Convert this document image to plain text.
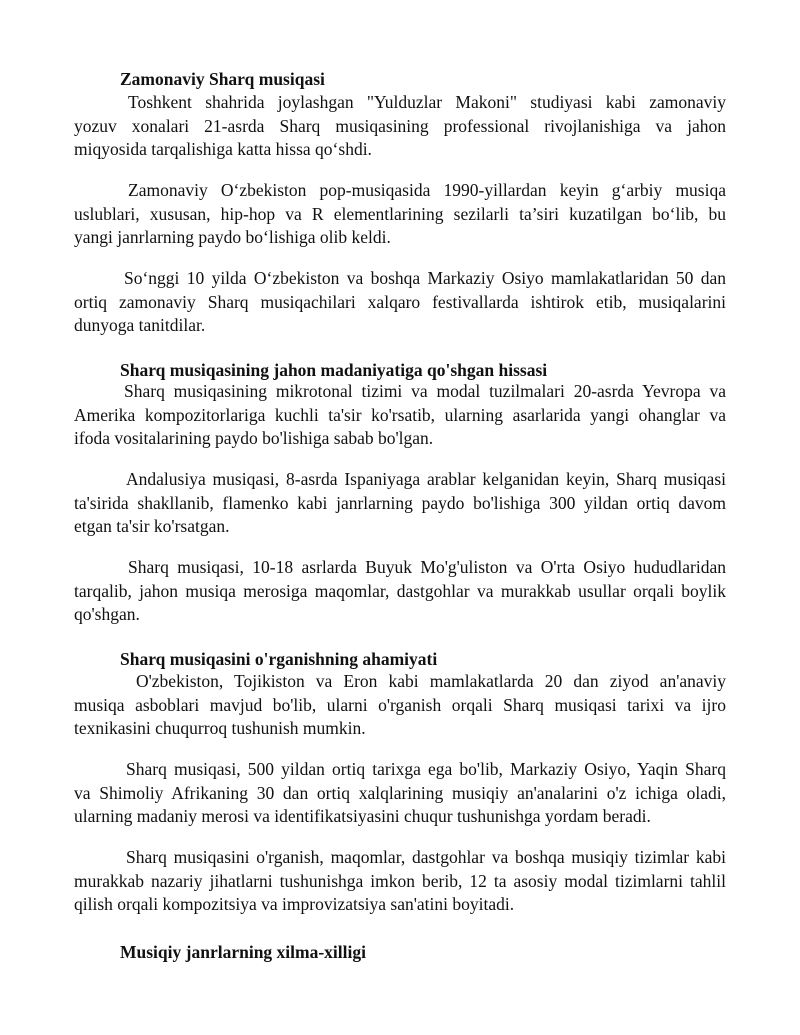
Zamonaviy Sharq musiqasi
Toshkent shahrida joylashgan "Yulduzlar Makoni" studiyasi kabi zamonaviy
yozuv xonalari 21-asrda Sharq musiqasining professional rivojlanishiga va jahon
miqyosida tarqalishiga katta hissa qo‘shdi.
Zamonaviy O‘zbekiston pop-musiqasida 1990-yillardan keyin g‘arbiy musiqa
uslublari, xususan, hip-hop va R elementlarining sezilarli ta’siri kuzatilgan bo‘lib, bu
yangi janrlarning paydo bo‘lishiga olib keldi.
So‘nggi 10 yilda O‘zbekiston va boshqa Markaziy Osiyo mamlakatlaridan 50 dan
ortiq zamonaviy Sharq musiqachilari xalqaro festivallarda ishtirok etib, musiqalarini
dunyoga tanitdilar.
Sharq musiqasining jahon madaniyatiga qo'shgan hissasi
Sharq musiqasining mikrotonal tizimi va modal tuzilmalari 20-asrda Yevropa va
Amerika kompozitorlariga kuchli ta'sir ko'rsatib, ularning asarlarida yangi ohanglar va
ifoda vositalarining paydo bo'lishiga sabab bo'lgan.
Andalusiya musiqasi, 8-asrda Ispaniyaga arablar kelganidan keyin, Sharq musiqasi
ta'sirida shakllanib, flamenko kabi janrlarning paydo bo'lishiga 300 yildan ortiq davom
etgan ta'sir ko'rsatgan.
Sharq musiqasi, 10-18 asrlarda Buyuk Mo'g'uliston va O'rta Osiyo hududlaridan
tarqalib, jahon musiqa merosiga maqomlar, dastgohlar va murakkab usullar orqali boylik
qo'shgan.
Sharq musiqasini o'rganishning ahamiyati
O'zbekiston, Tojikiston va Eron kabi mamlakatlarda 20 dan ziyod an'anaviy
musiqa asboblari mavjud bo'lib, ularni o'rganish orqali Sharq musiqasi tarixi va ijro
texnikasini chuqurroq tushunish mumkin.
Sharq musiqasi, 500 yildan ortiq tarixga ega bo'lib, Markaziy Osiyo, Yaqin Sharq
va Shimoliy Afrikaning 30 dan ortiq xalqlarining musiqiy an'analarini o'z ichiga oladi,
ularning madaniy merosi va identifikatsiyasini chuqur tushunishga yordam beradi.
Sharq musiqasini o'rganish, maqomlar, dastgohlar va boshqa musiqiy tizimlar kabi
murakkab nazariy jihatlarni tushunishga imkon berib, 12 ta asosiy modal tizimlarni tahlil
qilish orqali kompozitsiya va improvizatsiya san'atini boyitadi.
Musiqiy janrlarning xilma-xilligi
